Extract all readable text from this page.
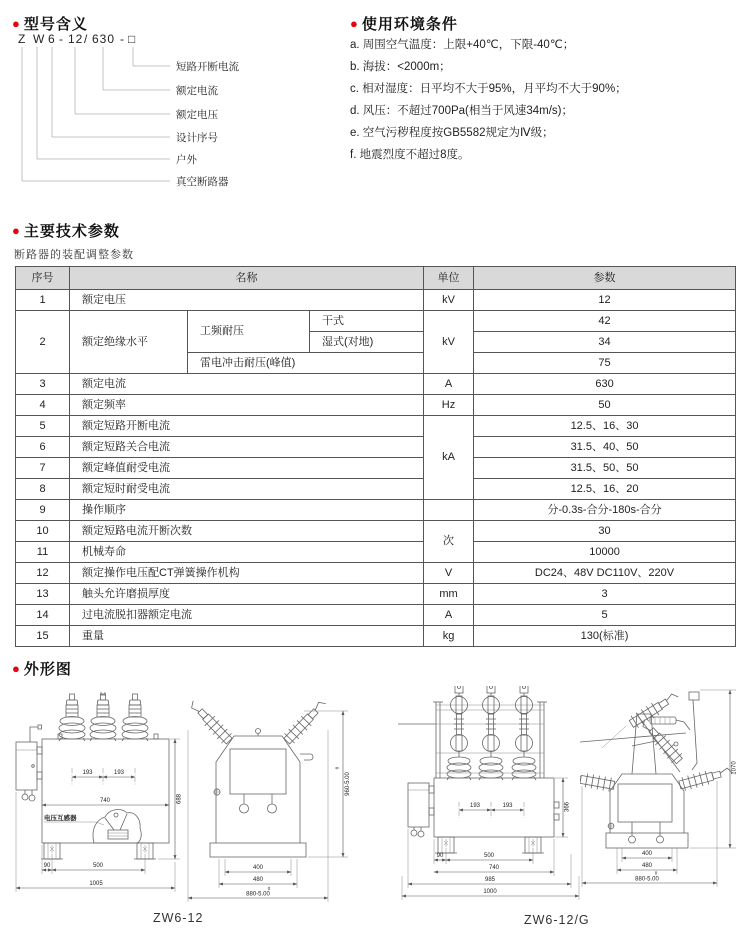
● 型号含义
Z W 6 - 12 / 630 - □
短路开断电流
额定电流
额定电压
设计序号
户外
真空断路器
● 使用环境条件
a. 周围空气温度：上限+40℃，下限-40℃；
b. 海拔：<2000m；
c. 相对湿度：日平均不大于95%，月平均不大于90%；
d. 风压：不超过700Pa(相当于风速34m/s)；
e. 空气污秽程度按GB5582规定为Ⅳ级；
f. 地震烈度不超过8度。
● 主要技术参数
断路器的装配调整参数
序号	名称			单位	参数
1	额定电压			kV	12
2	额定绝缘水平	工频耐压	干式	kV	42
			湿式(对地)		34
		雷电冲击耐压(峰值)			75
3	额定电流			A	630
4	额定频率			Hz	50
5	额定短路开断电流			kA	12.5、16、30
6	额定短路关合电流				31.5、40、50
7	额定峰值耐受电流				31.5、50、50
8	额定短时耐受电流				12.5、16、20
9	操作顺序				分-0.3s-合分-180s-合分
10	额定短路电流开断次数			次	30
11	机械寿命				10000
12	额定操作电压配CT弹簧操作机构			V	DC24、48V DC110V、220V
13	触头允许磨损厚度			mm	3
14	过电流脱扣器额定电流			A	5
15	重量			kg	130(标准)
● 外形图
电压互感器
193	193
740
90	500
1005
688
400
480
0
880-5.00
0
960-5.00
193	193	366
90	500
740
985
1000
400
480
0
880-5.00
1070
ZW6-12	ZW6-12/G
